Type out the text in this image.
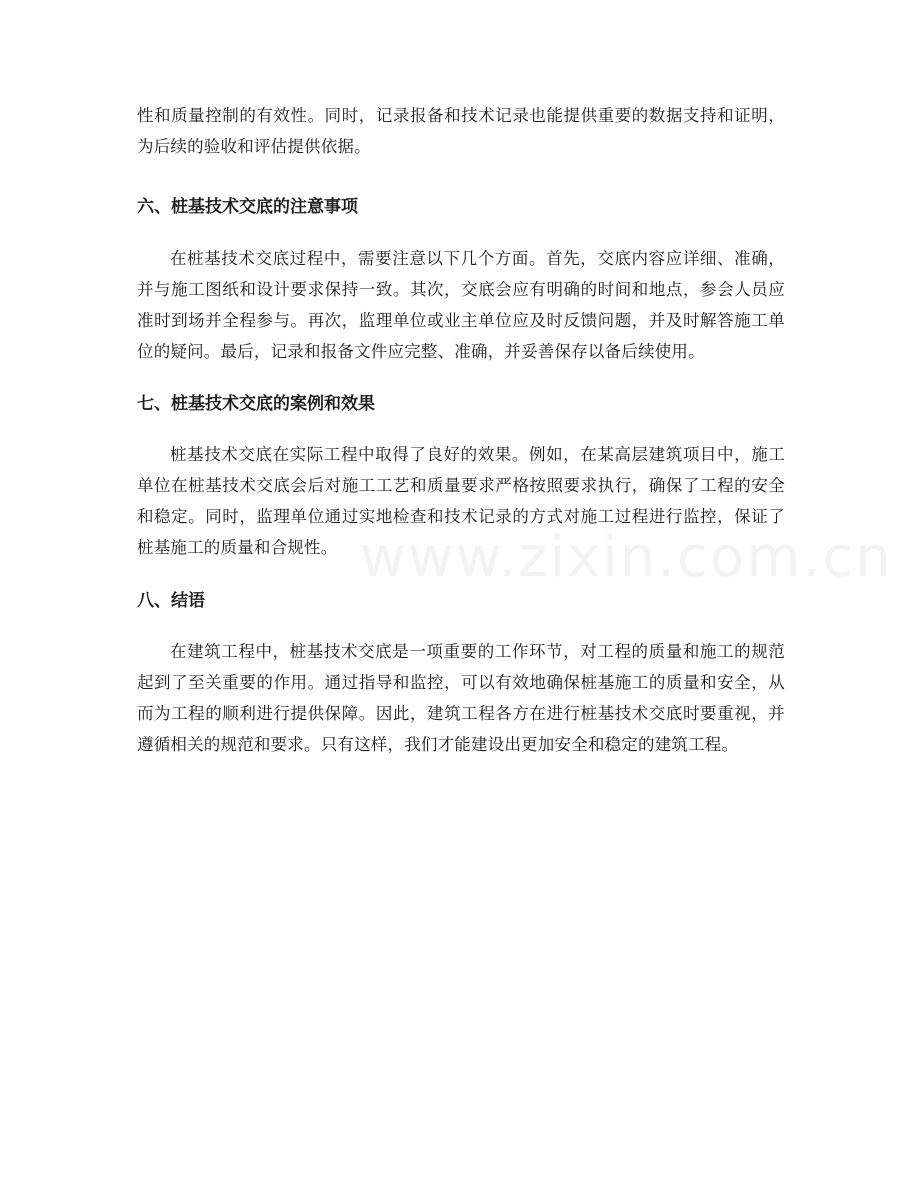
性和质量控制的有效性。同时，记录报备和技术记录也能提供重要的数据支持和证明，为后续的验收和评估提供依据。

六、桩基技术交底的注意事项

在桩基技术交底过程中，需要注意以下几个方面。首先，交底内容应详细、准确，并与施工图纸和设计要求保持一致。其次，交底会应有明确的时间和地点，参会人员应准时到场并全程参与。再次，监理单位或业主单位应及时反馈问题，并及时解答施工单位的疑问。最后，记录和报备文件应完整、准确，并妥善保存以备后续使用。

七、桩基技术交底的案例和效果

桩基技术交底在实际工程中取得了良好的效果。例如，在某高层建筑项目中，施工单位在桩基技术交底会后对施工工艺和质量要求严格按照要求执行，确保了工程的安全和稳定。同时，监理单位通过实地检查和技术记录的方式对施工过程进行监控，保证了桩基施工的质量和合规性。

八、结语

在建筑工程中，桩基技术交底是一项重要的工作环节，对工程的质量和施工的规范起到了至关重要的作用。通过指导和监控，可以有效地确保桩基施工的质量和安全，从而为工程的顺利进行提供保障。因此，建筑工程各方在进行桩基技术交底时要重视，并遵循相关的规范和要求。只有这样，我们才能建设出更加安全和稳定的建筑工程。

www.zixin.com.cn
